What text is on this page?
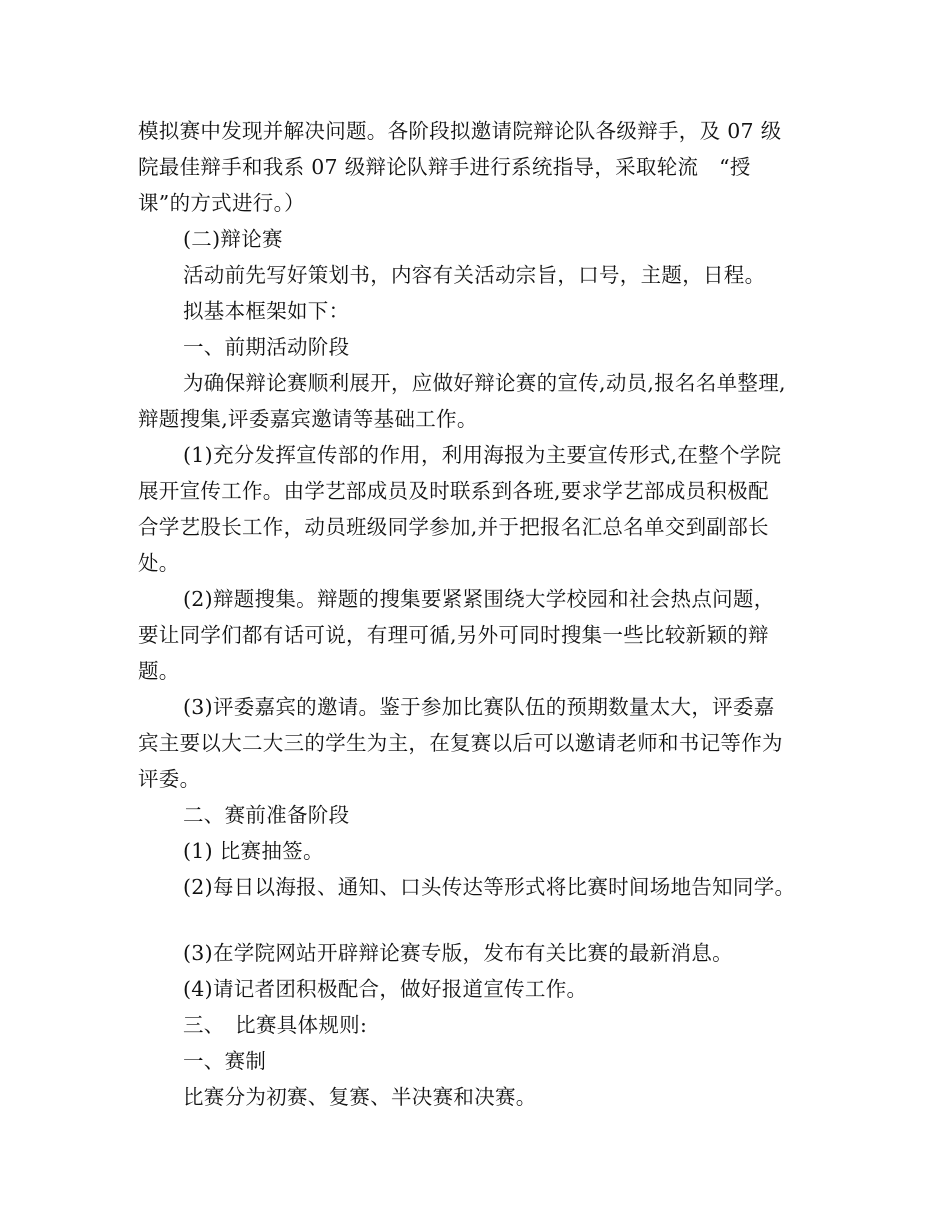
模拟赛中发现并解决问题。各阶段拟邀请院辩论队各级辩手，及 07 级
院最佳辩手和我系 07 级辩论队辩手进行系统指导，采取轮流　“授
课”的方式进行。）
(二)辩论赛
活动前先写好策划书，内容有关活动宗旨，口号，主题，日程。
拟基本框架如下：
一、前期活动阶段
为确保辩论赛顺利展开，应做好辩论赛的宣传,动员,报名名单整理,
辩题搜集,评委嘉宾邀请等基础工作。
(1)充分发挥宣传部的作用，利用海报为主要宣传形式,在整个学院
展开宣传工作。由学艺部成员及时联系到各班,要求学艺部成员积极配
合学艺股长工作，动员班级同学参加,并于把报名汇总名单交到副部长
处。
(2)辩题搜集。辩题的搜集要紧紧围绕大学校园和社会热点问题，
要让同学们都有话可说，有理可循,另外可同时搜集一些比较新颖的辩
题。
(3)评委嘉宾的邀请。鉴于参加比赛队伍的预期数量太大，评委嘉
宾主要以大二大三的学生为主，在复赛以后可以邀请老师和书记等作为
评委。
二、赛前准备阶段
(1) 比赛抽签。
(2)每日以海报、通知、口头传达等形式将比赛时间场地告知同学。
(3)在学院网站开辟辩论赛专版，发布有关比赛的最新消息。
(4)请记者团积极配合，做好报道宣传工作。
三、　比赛具体规则:
一、赛制
比赛分为初赛、复赛、半决赛和决赛。
